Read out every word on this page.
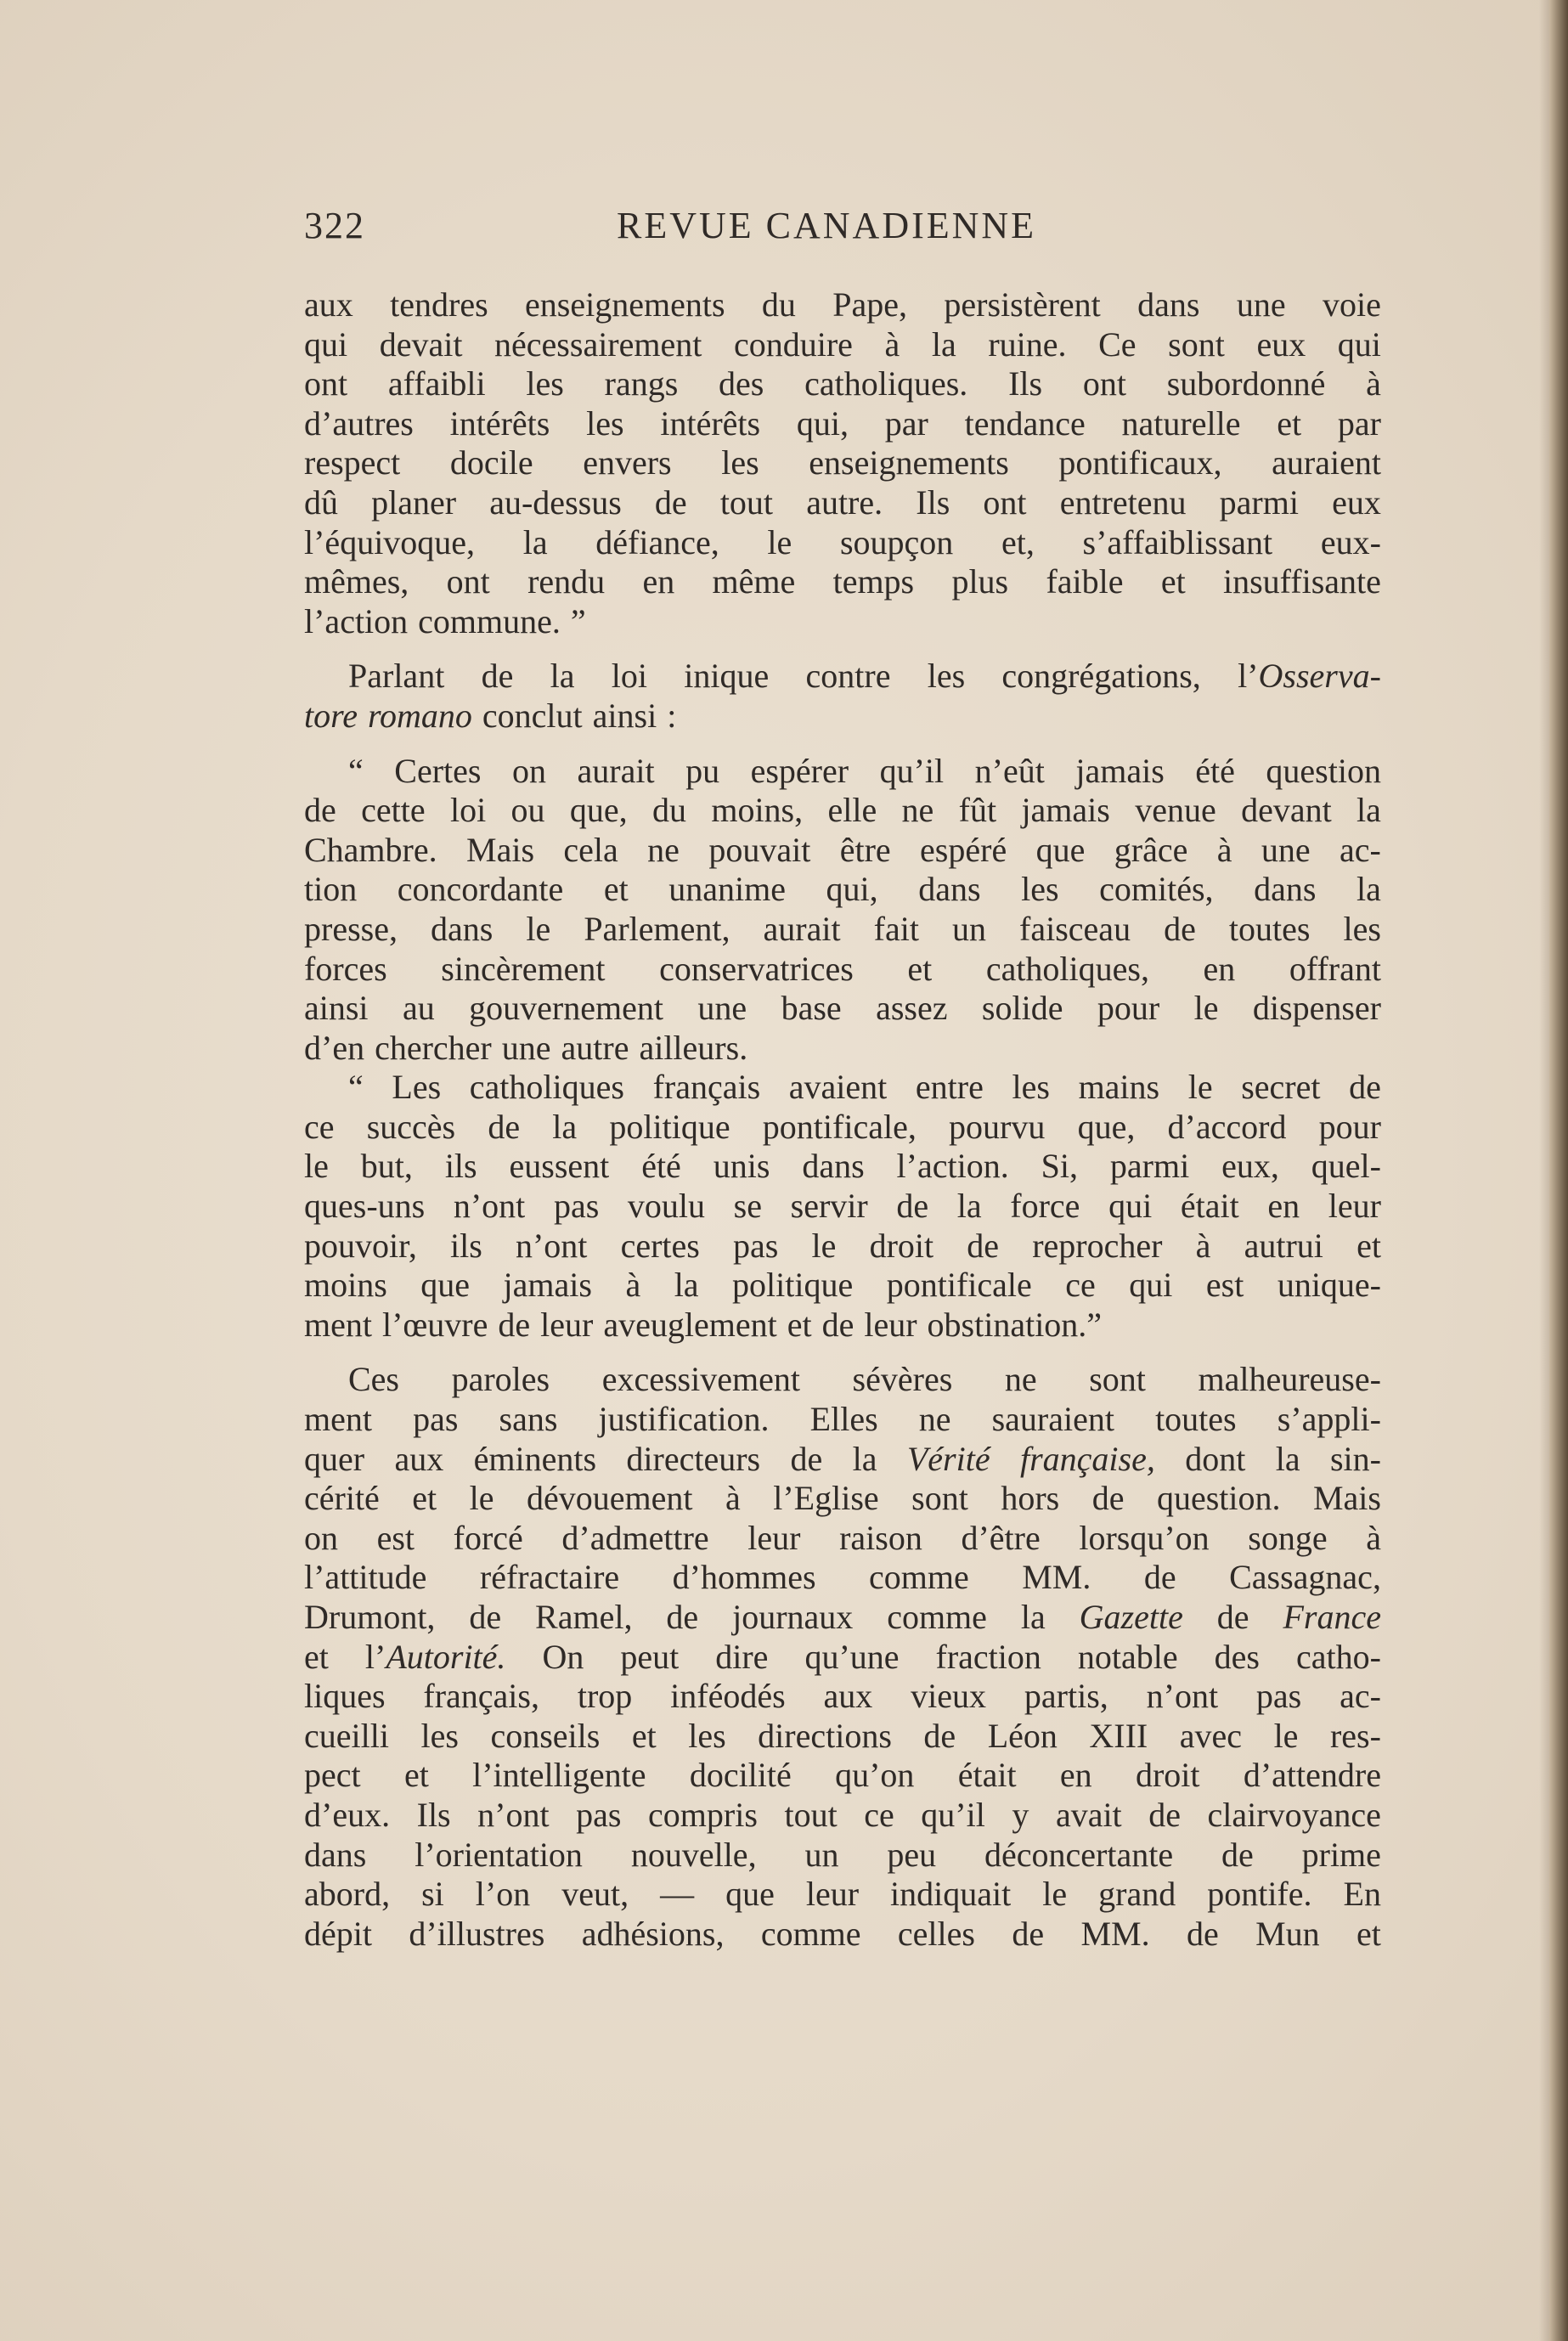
322	REVUE CANADIENNE
aux tendres enseignements du Pape, persistèrent dans une voie
qui devait nécessairement conduire à la ruine. Ce sont eux qui
ont affaibli les rangs des catholiques. Ils ont subordonné à
d’autres intérêts les intérêts qui, par tendance naturelle et par
respect docile envers les enseignements pontificaux, auraient
dû planer au-dessus de tout autre. Ils ont entretenu parmi eux
l’équivoque, la défiance, le soupçon et, s’affaiblissant eux-
mêmes, ont rendu en même temps plus faible et insuffisante
l’action commune. ”
Parlant de la loi inique contre les congrégations, l’Osserva-
tore romano conclut ainsi :
“ Certes on aurait pu espérer qu’il n’eût jamais été question
de cette loi ou que, du moins, elle ne fût jamais venue devant la
Chambre. Mais cela ne pouvait être espéré que grâce à une ac-
tion concordante et unanime qui, dans les comités, dans la
presse, dans le Parlement, aurait fait un faisceau de toutes les
forces sincèrement conservatrices et catholiques, en offrant
ainsi au gouvernement une base assez solide pour le dispenser
d’en chercher une autre ailleurs.
“ Les catholiques français avaient entre les mains le secret de
ce succès de la politique pontificale, pourvu que, d’accord pour
le but, ils eussent été unis dans l’action. Si, parmi eux, quel-
ques-uns n’ont pas voulu se servir de la force qui était en leur
pouvoir, ils n’ont certes pas le droit de reprocher à autrui et
moins que jamais à la politique pontificale ce qui est unique-
ment l’œuvre de leur aveuglement et de leur obstination.”
Ces paroles excessivement sévères ne sont malheureuse-
ment pas sans justification. Elles ne sauraient toutes s’appli-
quer aux éminents directeurs de la Vérité française, dont la sin-
cérité et le dévouement à l’Eglise sont hors de question. Mais
on est forcé d’admettre leur raison d’être lorsqu’on songe à
l’attitude réfractaire d’hommes comme MM. de Cassagnac,
Drumont, de Ramel, de journaux comme la Gazette de France
et l’Autorité. On peut dire qu’une fraction notable des catho-
liques français, trop inféodés aux vieux partis, n’ont pas ac-
cueilli les conseils et les directions de Léon XIII avec le res-
pect et l’intelligente docilité qu’on était en droit d’attendre
d’eux. Ils n’ont pas compris tout ce qu’il y avait de clairvoyance
dans l’orientation nouvelle, un peu déconcertante de prime
abord, si l’on veut, — que leur indiquait le grand pontife. En
dépit d’illustres adhésions, comme celles de MM. de Mun et
